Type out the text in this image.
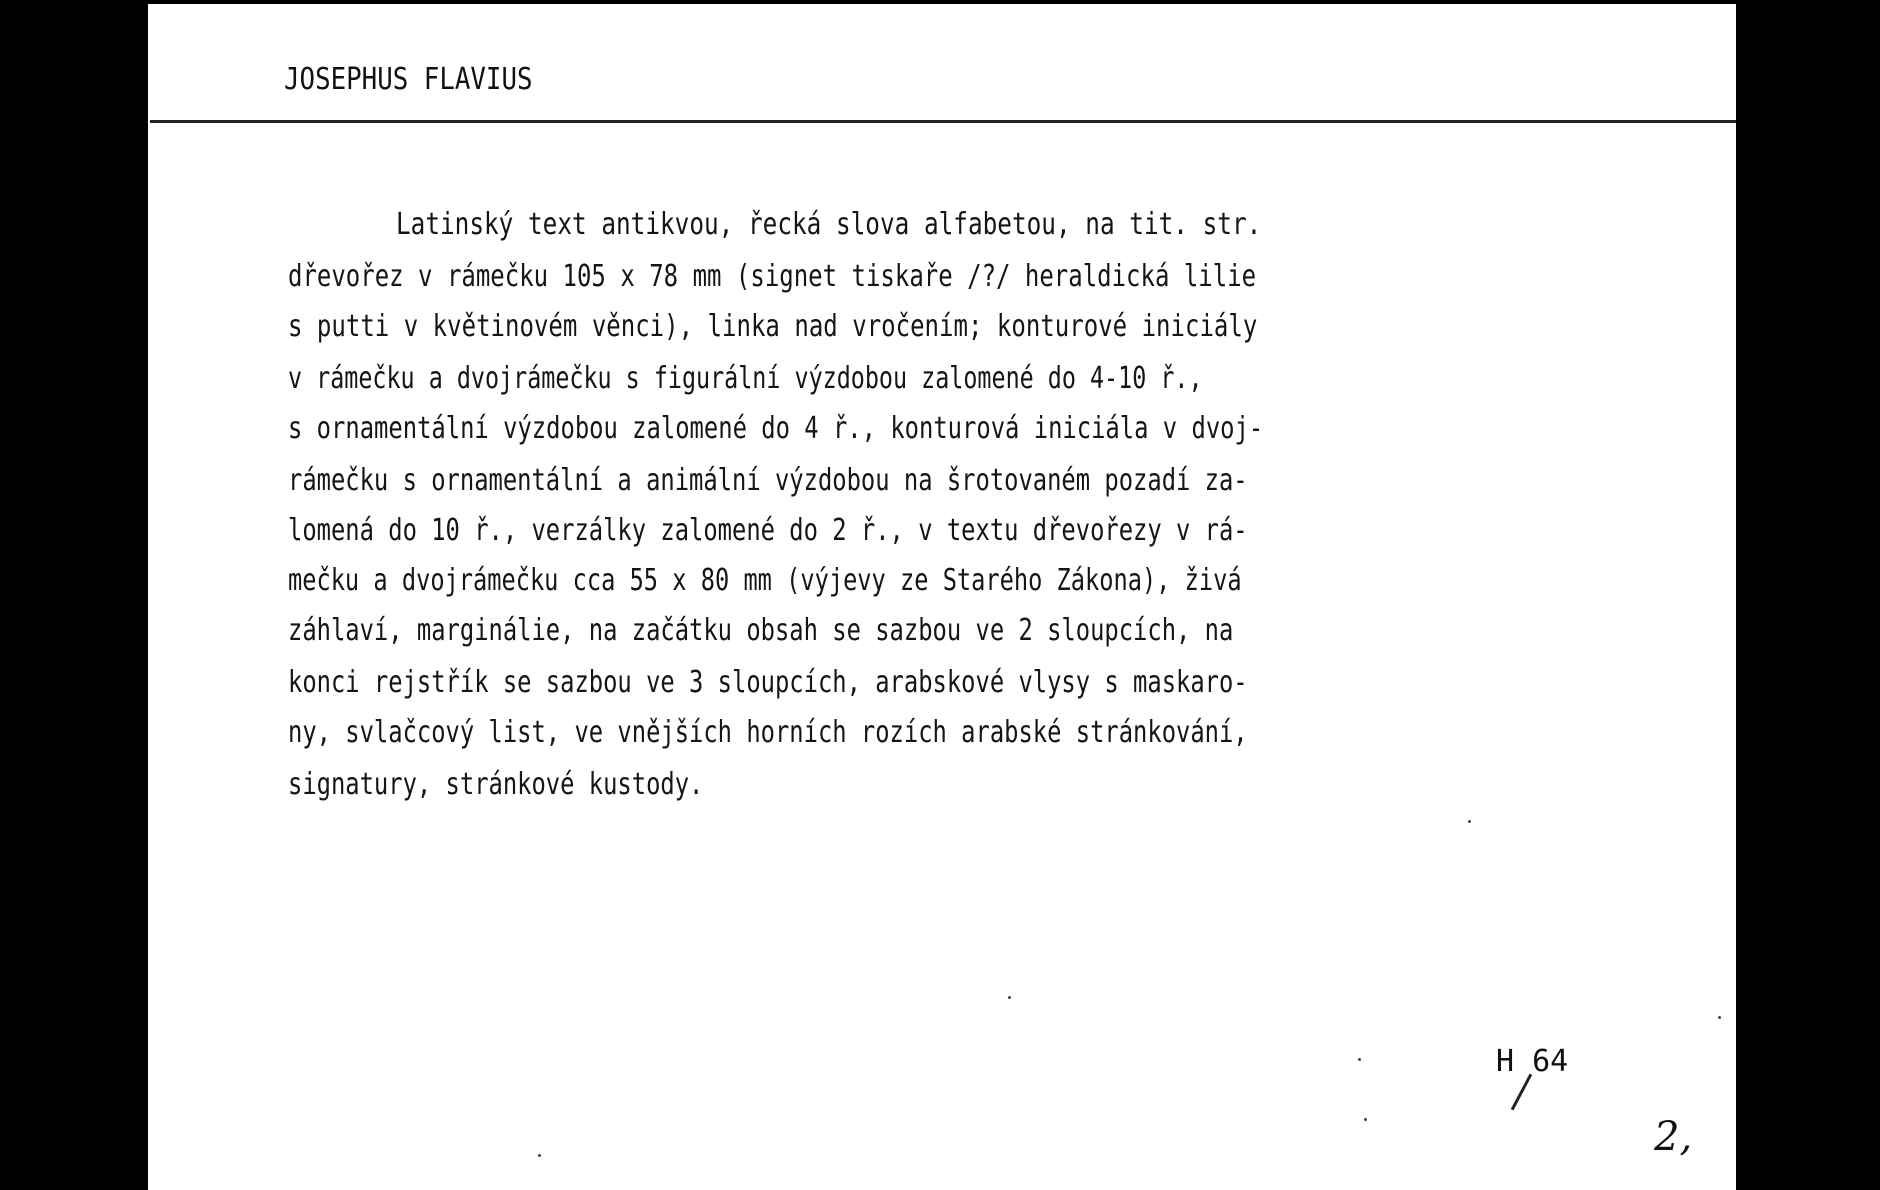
JOSEPHUS FLAVIUS
Latinský text antikvou, řecká slova alfabetou, na tit. str.
dřevořez v rámečku 105 x 78 mm (signet tiskaře /?/ heraldická lilie
s putti v květinovém věnci), linka nad vročením; konturové iniciály
v rámečku a dvojrámečku s figurální výzdobou zalomené do 4-10 ř.,
s ornamentální výzdobou zalomené do 4 ř., konturová iniciála v dvoj-
rámečku s ornamentální a animální výzdobou na šrotovaném pozadí za-
lomená do 10 ř., verzálky zalomené do 2 ř., v textu dřevořezy v rá-
mečku a dvojrámečku cca 55 x 80 mm (výjevy ze Starého Zákona), živá
záhlaví, marginálie, na začátku obsah se sazbou ve 2 sloupcích, na
konci rejstřík se sazbou ve 3 sloupcích, arabskové vlysy s maskaro-
ny, svlačcový list, ve vnějších horních rozích arabské stránkování,
signatury, stránkové kustody.
H 64
2,
